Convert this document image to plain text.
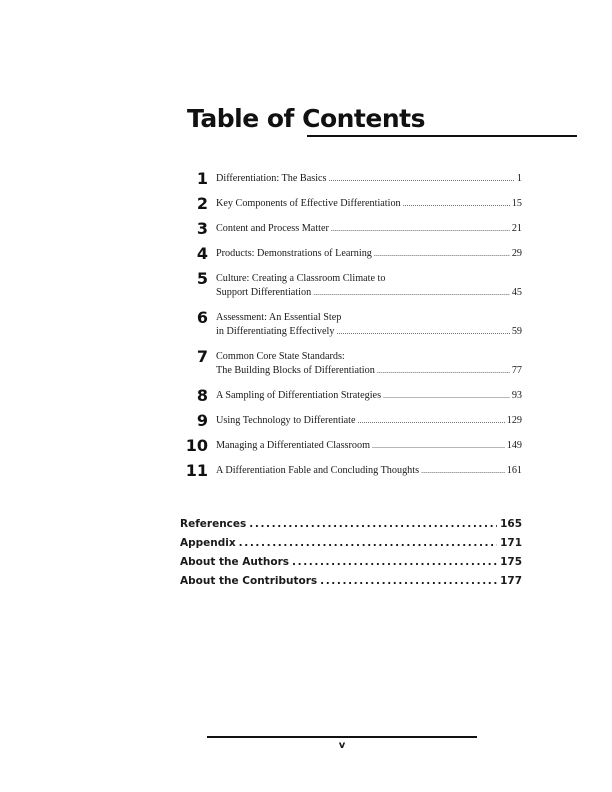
Table of Contents
1 Differentiation: The Basics .....	1
2 Key Components of Effective Differentiation .....	15
3 Content and Process Matter .....	21
4 Products: Demonstrations of Learning .....	29
5 Culture: Creating a Classroom Climate to
Support Differentiation .....	45
6 Assessment: An Essential Step
in Differentiating Effectively .....	59
7 Common Core State Standards:
The Building Blocks of Differentiation .....	77
8 A Sampling of Differentiation Strategies .....	93
9 Using Technology to Differentiate .....	129
10 Managing a Differentiated Classroom .....	149
11 A Differentiation Fable and Concluding Thoughts .....	161
References .....	165
Appendix .....	171
About the Authors .....	175
About the Contributors .....	177
v
